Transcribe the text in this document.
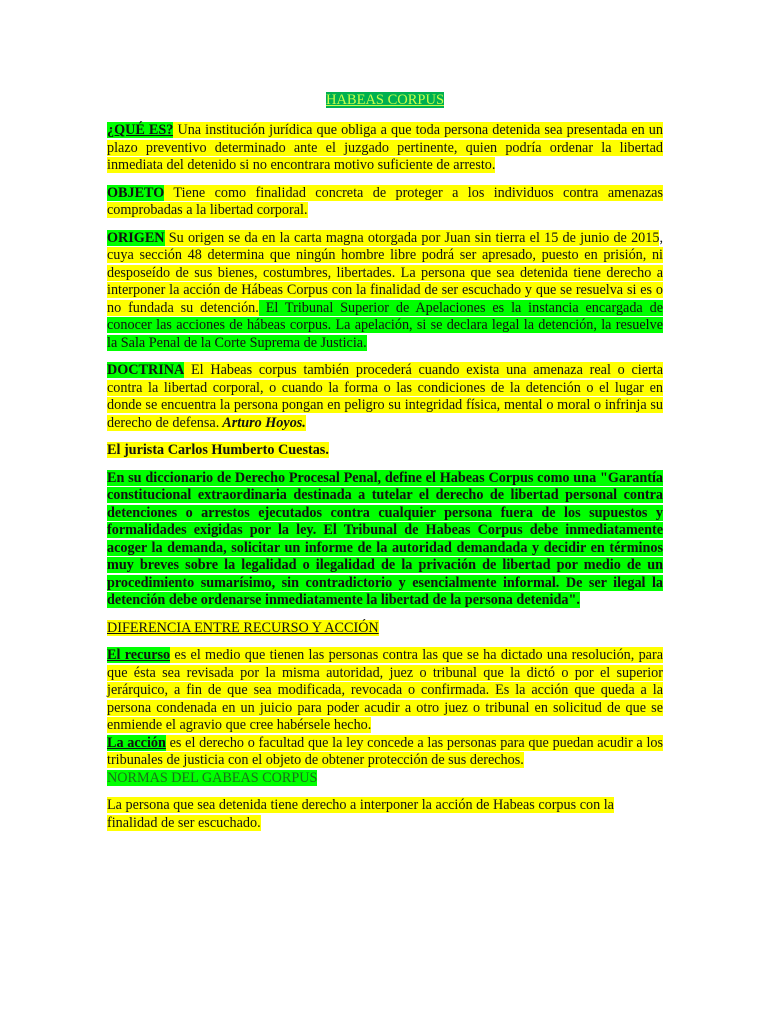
HABEAS CORPUS

¿QUÉ ES? Una institución jurídica que obliga a que toda persona detenida sea presentada en un plazo preventivo determinado ante el juzgado pertinente, quien podría ordenar la libertad inmediata del detenido si no encontrara motivo suficiente de arresto.

OBJETO Tiene como finalidad concreta de proteger a los individuos contra amenazas comprobadas a la libertad corporal.

ORIGEN Su origen se da en la carta magna otorgada por Juan sin tierra el 15 de junio de 2015, cuya sección 48 determina que ningún hombre libre podrá ser apresado, puesto en prisión, ni desposeído de sus bienes, costumbres, libertades. La persona que sea detenida tiene derecho a interponer la acción de Hábeas Corpus con la finalidad de ser escuchado y que se resuelva si es o no fundada su detención. El Tribunal Superior de Apelaciones es la instancia encargada de conocer las acciones de hábeas corpus. La apelación, si se declara legal la detención, la resuelve la Sala Penal de la Corte Suprema de Justicia.

DOCTRINA El Habeas corpus también procederá cuando exista una amenaza real o cierta contra la libertad corporal, o cuando la forma o las condiciones de la detención o el lugar en donde se encuentra la persona pongan en peligro su integridad física, mental o moral o infrinja su derecho de defensa. Arturo Hoyos.

El jurista Carlos Humberto Cuestas.

En su diccionario de Derecho Procesal Penal, define el Habeas Corpus como una "Garantía constitucional extraordinaria destinada a tutelar el derecho de libertad personal contra detenciones o arrestos ejecutados contra cualquier persona fuera de los supuestos y formalidades exigidas por la ley. El Tribunal de Habeas Corpus debe inmediatamente acoger la demanda, solicitar un informe de la autoridad demandada y decidir en términos muy breves sobre la legalidad o ilegalidad de la privación de libertad por medio de un procedimiento sumarísimo, sin contradictorio y esencialmente informal. De ser ilegal la detención debe ordenarse inmediatamente la libertad de la persona detenida".

DIFERENCIA ENTRE RECURSO Y ACCIÓN

El recurso es el medio que tienen las personas contra las que se ha dictado una resolución, para que ésta sea revisada por la misma autoridad, juez o tribunal que la dictó o por el superior jerárquico, a fin de que sea modificada, revocada o confirmada. Es la acción que queda a la persona condenada en un juicio para poder acudir a otro juez o tribunal en solicitud de que se enmiende el agravio que cree habérsele hecho.

La acción es el derecho o facultad que la ley concede a las personas para que puedan acudir a los tribunales de justicia con el objeto de obtener protección de sus derechos.

NORMAS DEL GABEAS CORPUS

La persona que sea detenida tiene derecho a interponer la acción de Habeas corpus con la finalidad de ser escuchado.
